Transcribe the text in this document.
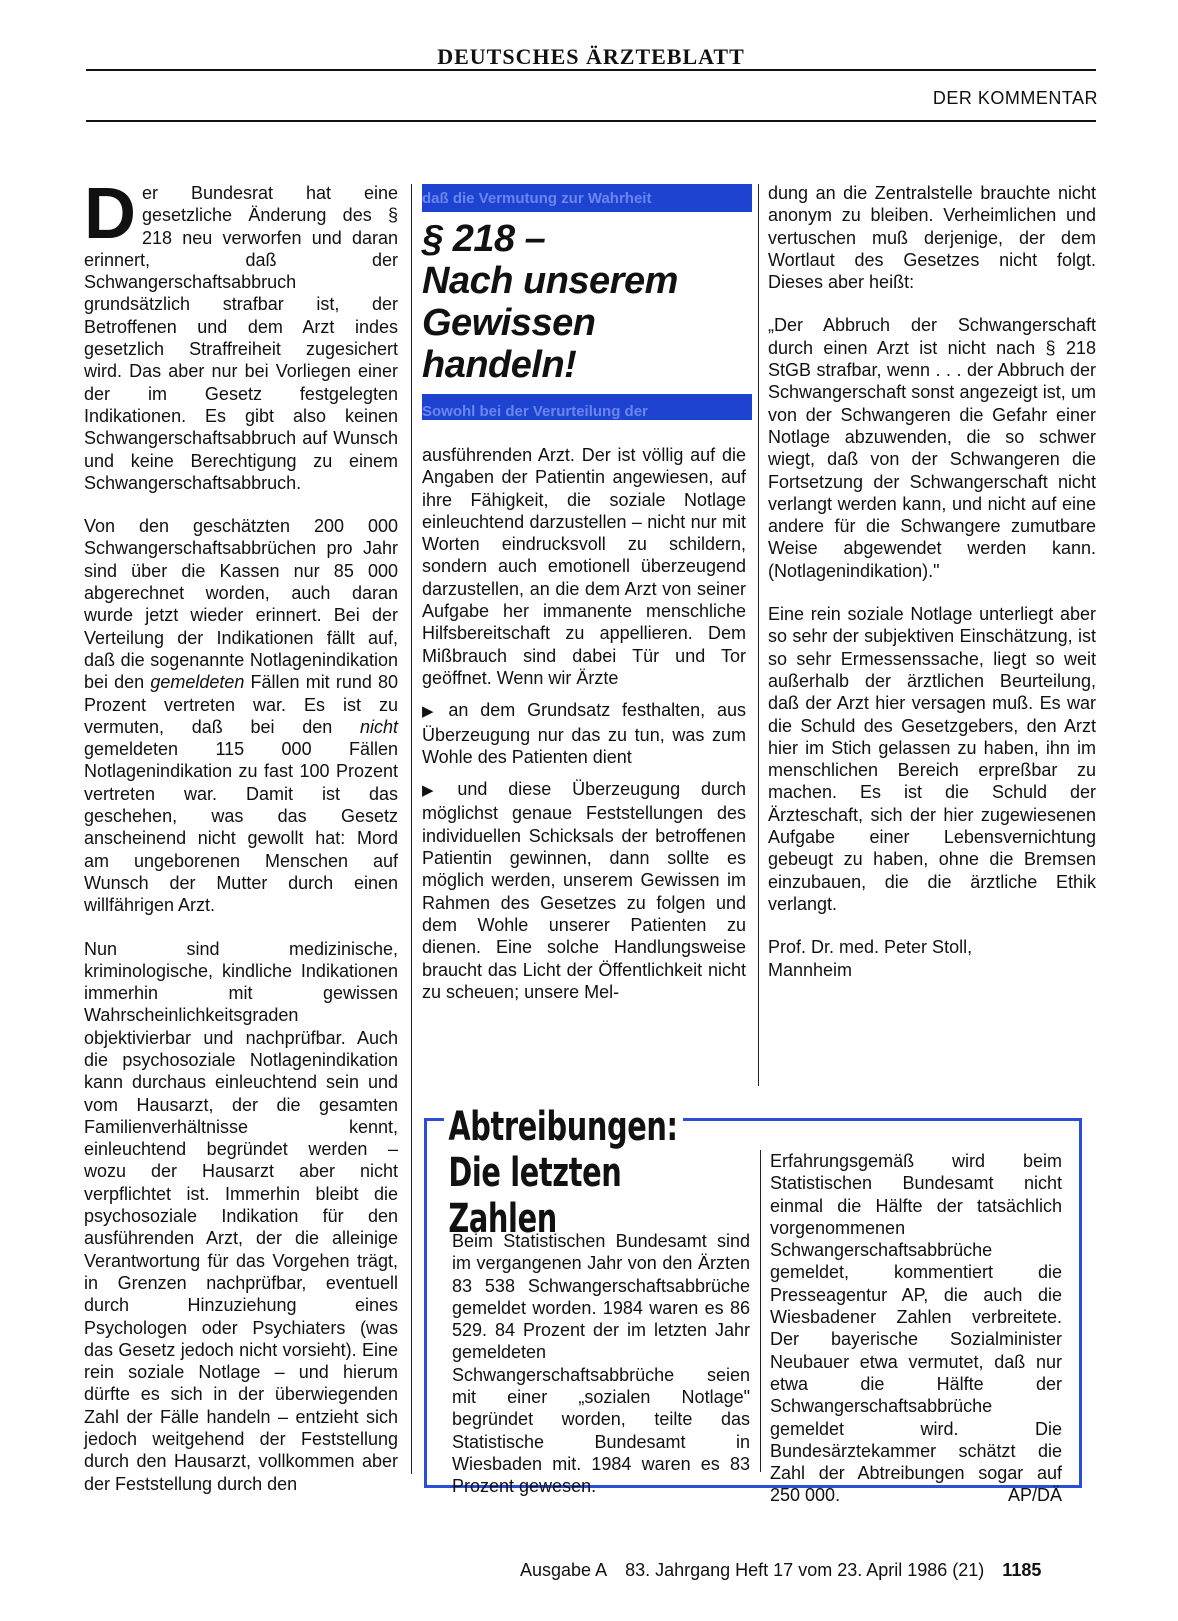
DEUTSCHES ÄRZTEBLATT
DER KOMMENTAR

Der Bundesrat hat eine gesetzliche Änderung des § 218 neu verworfen und daran erinnert, daß der Schwangerschaftsabbruch grundsätzlich strafbar ist, der Betroffenen und dem Arzt indes gesetzlich Straffreiheit zugesichert wird. Das aber nur bei Vorliegen einer der im Gesetz festgelegten Indikationen. Es gibt also keinen Schwangerschaftsabbruch auf Wunsch und keine Berechtigung zu einem Schwangerschaftsabbruch.

Von den geschätzten 200 000 Schwangerschaftsabbrüchen pro Jahr sind über die Kassen nur 85 000 abgerechnet worden, auch daran wurde jetzt wieder erinnert. Bei der Verteilung der Indikationen fällt auf, daß die sogenannte Notlagenindikation bei den gemeldeten Fällen mit rund 80 Prozent vertreten war. Es ist zu vermuten, daß bei den nicht gemeldeten 115 000 Fällen Notlagenindikation zu fast 100 Prozent vertreten war. Damit ist das geschehen, was das Gesetz anscheinend nicht gewollt hat: Mord am ungeborenen Menschen auf Wunsch der Mutter durch einen willfährigen Arzt.

Nun sind medizinische, kriminologische, kindliche Indikationen immerhin mit gewissen Wahrscheinlichkeitsgraden objektivierbar und nachprüfbar. Auch die psychosoziale Notlagenindikation kann durchaus einleuchtend sein und vom Hausarzt, der die gesamten Familienverhältnisse kennt, einleuchtend begründet werden – wozu der Hausarzt aber nicht verpflichtet ist. Immerhin bleibt die psychosoziale Indikation für den ausführenden Arzt, der die alleinige Verantwortung für das Vorgehen trägt, in Grenzen nachprüfbar, eventuell durch Hinzuziehung eines Psychologen oder Psychiaters (was das Gesetz jedoch nicht vorsieht). Eine rein soziale Notlage – und hierum dürfte es sich in der überwiegenden Zahl der Fälle handeln – entzieht sich jedoch weitgehend der Feststellung durch den Hausarzt, vollkommen aber der Feststellung durch den

daß die Vermutung zur Wahrheit
§ 218 –
Nach unserem
Gewissen
handeln!
Sowohl bei der Verurteilung der

ausführenden Arzt. Der ist völlig auf die Angaben der Patientin angewiesen, auf ihre Fähigkeit, die soziale Notlage einleuchtend darzustellen – nicht nur mit Worten eindrucksvoll zu schildern, sondern auch emotionell überzeugend darzustellen, an die dem Arzt von seiner Aufgabe her immanente menschliche Hilfsbereitschaft zu appellieren. Dem Mißbrauch sind dabei Tür und Tor geöffnet. Wenn wir Ärzte

▶ an dem Grundsatz festhalten, aus Überzeugung nur das zu tun, was zum Wohle des Patienten dient

▶ und diese Überzeugung durch möglichst genaue Feststellungen des individuellen Schicksals der betroffenen Patientin gewinnen, dann sollte es möglich werden, unserem Gewissen im Rahmen des Gesetzes zu folgen und dem Wohle unserer Patienten zu dienen. Eine solche Handlungsweise braucht das Licht der Öffentlichkeit nicht zu scheuen; unsere Mel-

dung an die Zentralstelle brauchte nicht anonym zu bleiben. Verheimlichen und vertuschen muß derjenige, der dem Wortlaut des Gesetzes nicht folgt. Dieses aber heißt:

„Der Abbruch der Schwangerschaft durch einen Arzt ist nicht nach § 218 StGB strafbar, wenn . . . der Abbruch der Schwangerschaft sonst angezeigt ist, um von der Schwangeren die Gefahr einer Notlage abzuwenden, die so schwer wiegt, daß von der Schwangeren die Fortsetzung der Schwangerschaft nicht verlangt werden kann, und nicht auf eine andere für die Schwangere zumutbare Weise abgewendet werden kann. (Notlagenindikation)."

Eine rein soziale Notlage unterliegt aber so sehr der subjektiven Einschätzung, ist so sehr Ermessenssache, liegt so weit außerhalb der ärztlichen Beurteilung, daß der Arzt hier versagen muß. Es war die Schuld des Gesetzgebers, den Arzt hier im Stich gelassen zu haben, ihn im menschlichen Bereich erpreßbar zu machen. Es ist die Schuld der Ärzteschaft, sich der hier zugewiesenen Aufgabe einer Lebensvernichtung gebeugt zu haben, ohne die Bremsen einzubauen, die die ärztliche Ethik verlangt.

Prof. Dr. med. Peter Stoll,
Mannheim

Abtreibungen:
Die letzten Zahlen
Beim Statistischen Bundesamt sind im vergangenen Jahr von den Ärzten 83 538 Schwangerschaftsabbrüche gemeldet worden. 1984 waren es 86 529. 84 Prozent der im letzten Jahr gemeldeten Schwangerschaftsabbrüche seien mit einer „sozialen Notlage" begründet worden, teilte das Statistische Bundesamt in Wiesbaden mit. 1984 waren es 83 Prozent gewesen.
Erfahrungsgemäß wird beim Statistischen Bundesamt nicht einmal die Hälfte der tatsächlich vorgenommenen Schwangerschaftsabbrüche gemeldet, kommentiert die Presseagentur AP, die auch die Wiesbadener Zahlen verbreitete. Der bayerische Sozialminister Neubauer etwa vermutet, daß nur etwa die Hälfte der Schwangerschaftsabbrüche gemeldet wird. Die Bundesärztekammer schätzt die Zahl der Abtreibungen sogar auf 250 000.	AP/DÄ
Ausgabe A 83. Jahrgang Heft 17 vom 23. April 1986 (21) 1185
